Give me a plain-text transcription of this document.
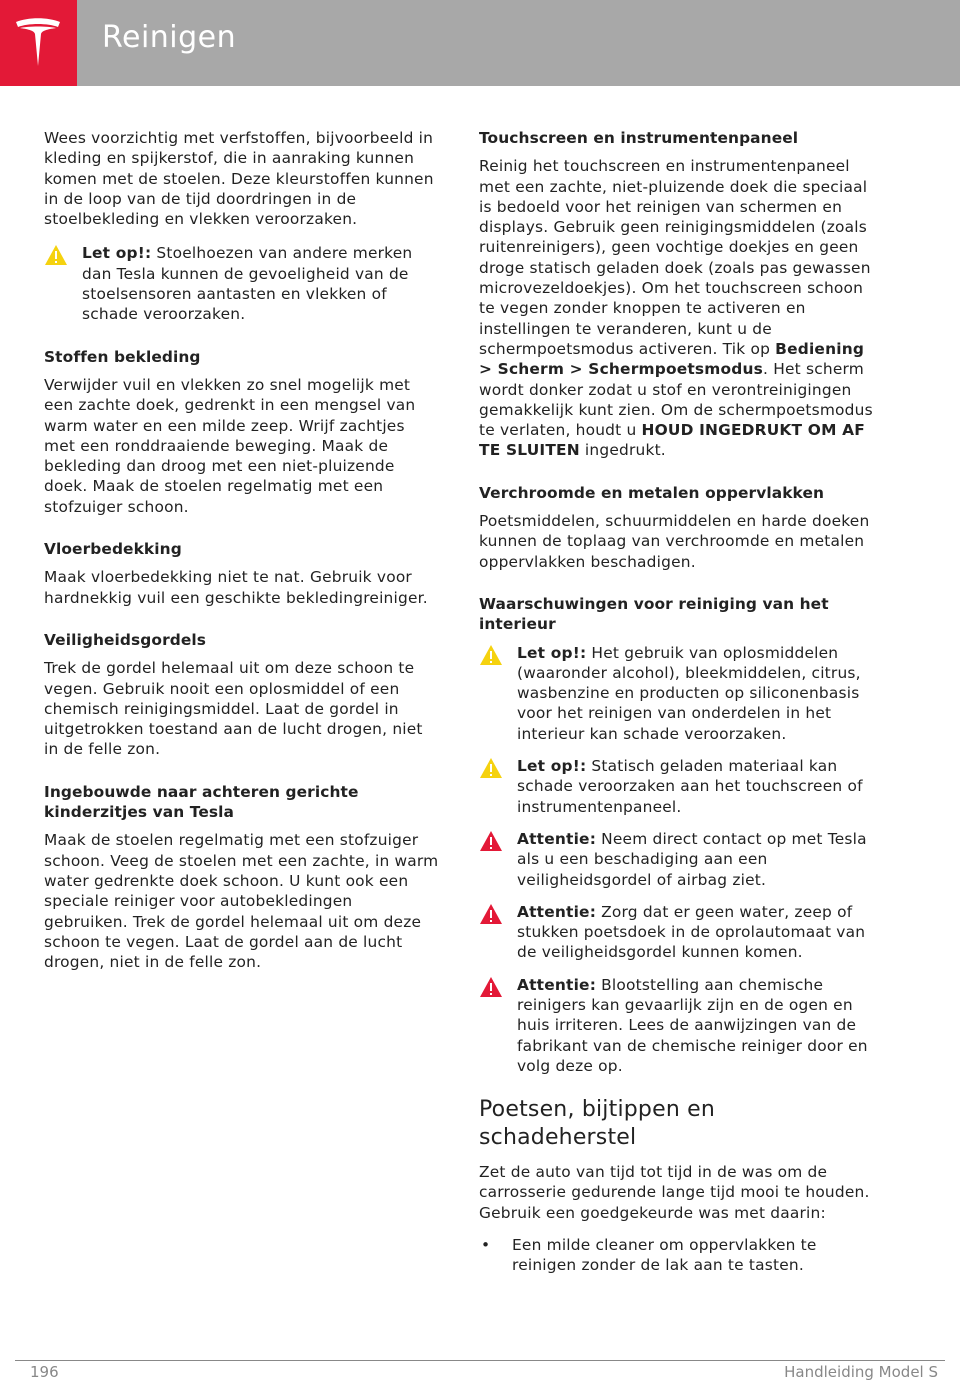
Reinigen

Wees voorzichtig met verfstoffen, bijvoorbeeld in kleding en spijkerstof, die in aanraking kunnen komen met de stoelen. Deze kleurstoffen kunnen in de loop van de tijd doordringen in de stoelbekleding en vlekken veroorzaken.

Let op!: Stoelhoezen van andere merken dan Tesla kunnen de gevoeligheid van de stoelsensoren aantasten en vlekken of schade veroorzaken.
Stoffen bekleding

Verwijder vuil en vlekken zo snel mogelijk met een zachte doek, gedrenkt in een mengsel van warm water en een milde zeep. Wrijf zachtjes met een ronddraaiende beweging. Maak de bekleding dan droog met een niet-pluizende doek. Maak de stoelen regelmatig met een stofzuiger schoon.

Vloerbedekking

Maak vloerbedekking niet te nat. Gebruik voor hardnekkig vuil een geschikte bekledingreiniger.

Veiligheidsgordels

Trek de gordel helemaal uit om deze schoon te vegen. Gebruik nooit een oplosmiddel of een chemisch reinigingsmiddel. Laat de gordel in uitgetrokken toestand aan de lucht drogen, niet in de felle zon.

Ingebouwde naar achteren gerichte kinderzitjes van Tesla

Maak de stoelen regelmatig met een stofzuiger schoon. Veeg de stoelen met een zachte, in warm water gedrenkte doek schoon. U kunt ook een speciale reiniger voor autobekledingen gebruiken. Trek de gordel helemaal uit om deze schoon te vegen. Laat de gordel aan de lucht drogen, niet in de felle zon.

Touchscreen en instrumentenpaneel

Reinig het touchscreen en instrumentenpaneel met een zachte, niet-pluizende doek die speciaal is bedoeld voor het reinigen van schermen en displays. Gebruik geen reinigingsmiddelen (zoals ruitenreinigers), geen vochtige doekjes en geen droge statisch geladen doek (zoals pas gewassen microvezeldoekjes). Om het touchscreen schoon te vegen zonder knoppen te activeren en instellingen te veranderen, kunt u de schermpoetsmodus activeren. Tik op Bediening > Scherm > Schermpoetsmodus. Het scherm wordt donker zodat u stof en verontreinigingen gemakkelijk kunt zien. Om de schermpoetsmodus te verlaten, houdt u HOUD INGEDRUKT OM AF TE SLUITEN ingedrukt.

Verchroomde en metalen oppervlakken

Poetsmiddelen, schuurmiddelen en harde doeken kunnen de toplaag van verchroomde en metalen oppervlakken beschadigen.

Waarschuwingen voor reiniging van het interieur
Let op!: Het gebruik van oplosmiddelen (waaronder alcohol), bleekmiddelen, citrus, wasbenzine en producten op siliconenbasis voor het reinigen van onderdelen in het interieur kan schade veroorzaken.
Let op!: Statisch geladen materiaal kan schade veroorzaken aan het touchscreen of instrumentenpaneel.
Attentie: Neem direct contact op met Tesla als u een beschadiging aan een veiligheidsgordel of airbag ziet.
Attentie: Zorg dat er geen water, zeep of stukken poetsdoek in de oprolautomaat van de veiligheidsgordel kunnen komen.
Attentie: Blootstelling aan chemische reinigers kan gevaarlijk zijn en de ogen en huis irriteren. Lees de aanwijzingen van de fabrikant van de chemische reiniger door en volg deze op.
Poetsen, bijtippen en schadeherstel

Zet de auto van tijd tot tijd in de was om de carrosserie gedurende lange tijd mooi te houden. Gebruik een goedgekeurde was met daarin:

• Een milde cleaner om oppervlakken te reinigen zonder de lak aan te tasten.
196	Handleiding Model S
